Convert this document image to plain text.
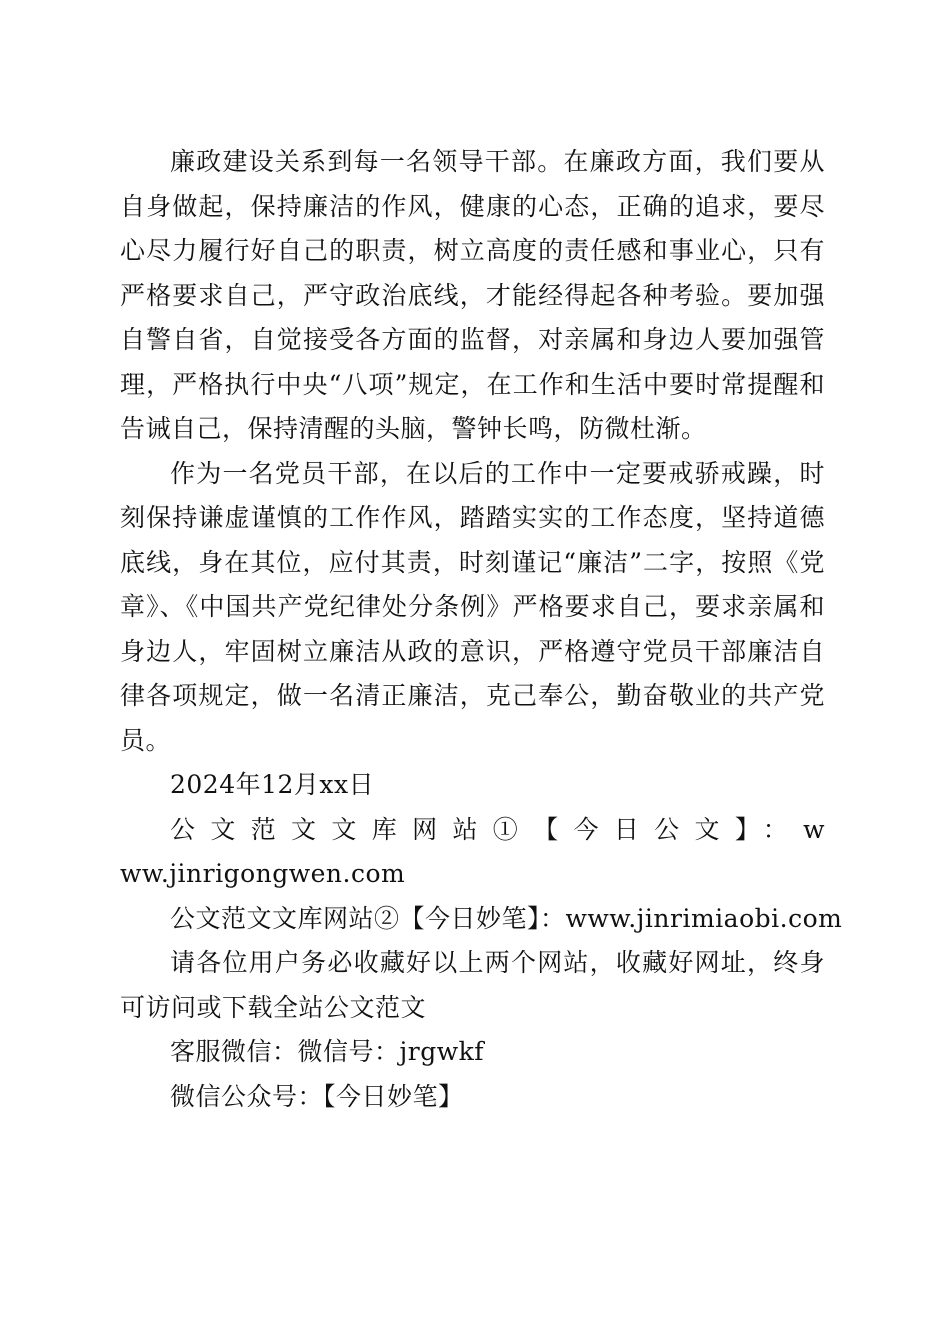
廉政建设关系到每一名领导干部。在廉政方面，我们要从自身做起，保持廉洁的作风，健康的心态，正确的追求，要尽心尽力履行好自己的职责，树立高度的责任感和事业心，只有严格要求自己，严守政治底线，才能经得起各种考验。要加强自警自省，自觉接受各方面的监督，对亲属和身边人要加强管理，严格执行中央“八项”规定，在工作和生活中要时常提醒和告诫自己，保持清醒的头脑，警钟长鸣，防微杜渐。

作为一名党员干部，在以后的工作中一定要戒骄戒躁，时刻保持谦虚谨慎的工作作风，踏踏实实的工作态度，坚持道德底线，身在其位，应付其责，时刻谨记“廉洁”二字，按照《党章》、《中国共产党纪律处分条例》严格要求自己，要求亲属和身边人，牢固树立廉洁从政的意识，严格遵守党员干部廉洁自律各项规定，做一名清正廉洁，克己奉公，勤奋敬业的共产党员。

2024年12月xx日

公文范文文库网站①【今日公文】：www.jinrigongwen.com

公文范文文库网站②【今日妙笔】：www.jinrimiaobi.com

请各位用户务必收藏好以上两个网站，收藏好网址，终身可访问或下载全站公文范文

客服微信：微信号：jrgwkf

微信公众号：【今日妙笔】
